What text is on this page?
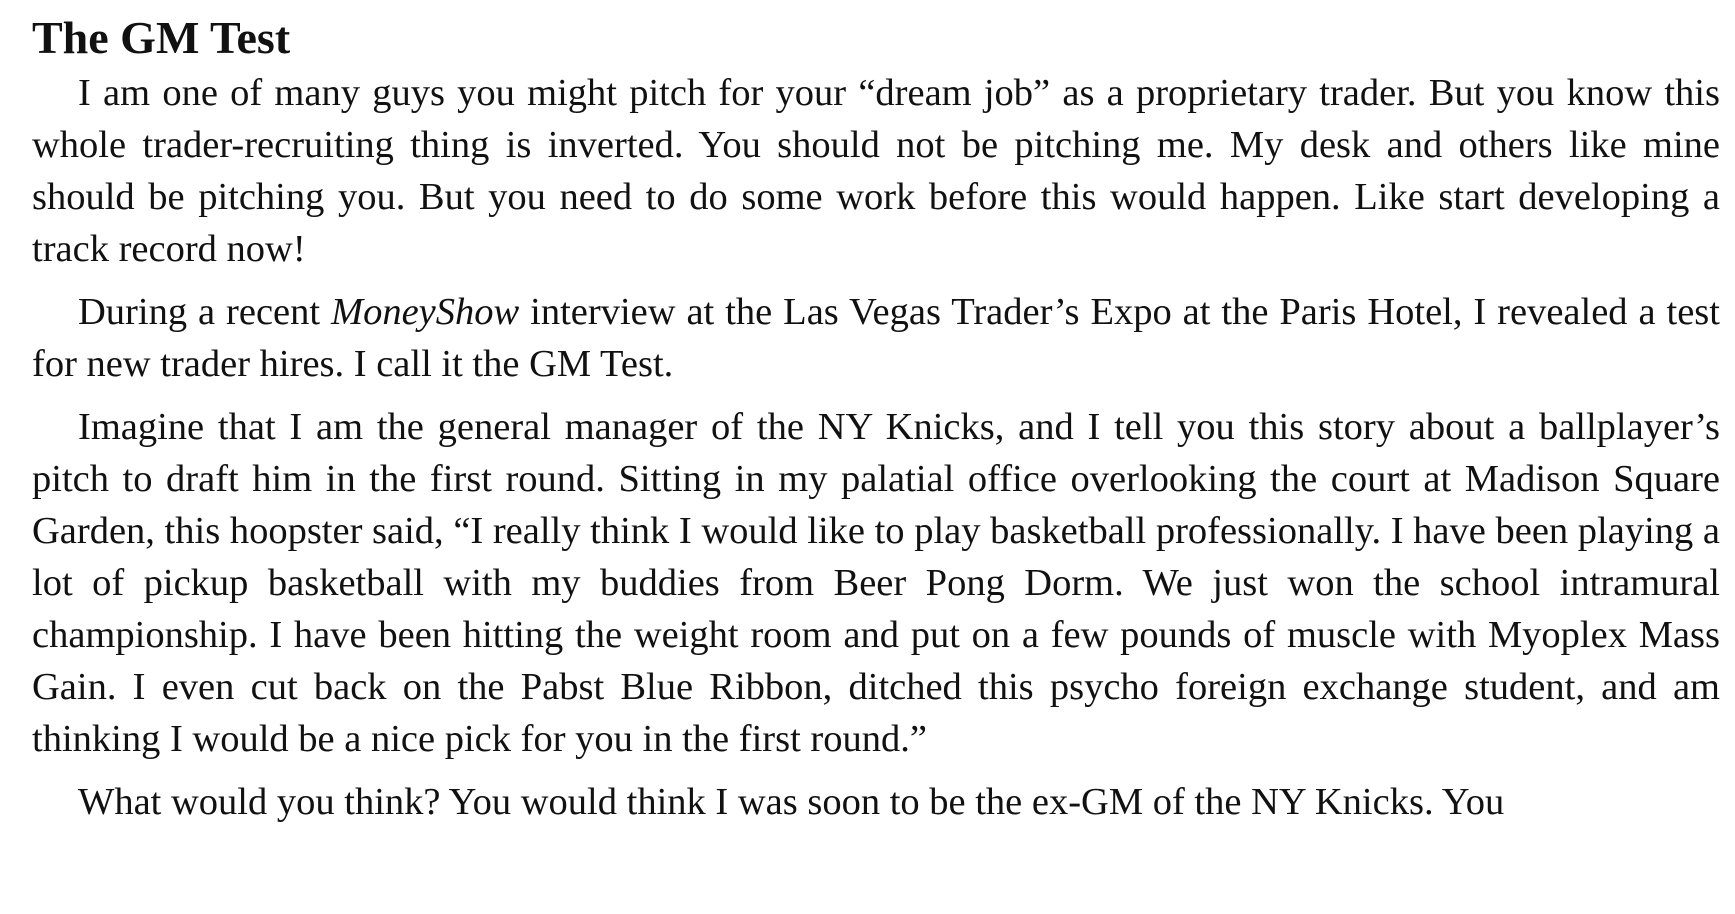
The GM Test

I am one of many guys you might pitch for your “dream job” as a proprietary trader. But you know this whole trader-recruiting thing is inverted. You should not be pitching me. My desk and others like mine should be pitching you. But you need to do some work before this would happen. Like start developing a track record now!

During a recent MoneyShow interview at the Las Vegas Trader’s Expo at the Paris Hotel, I revealed a test for new trader hires. I call it the GM Test.

Imagine that I am the general manager of the NY Knicks, and I tell you this story about a ballplayer’s pitch to draft him in the first round. Sitting in my palatial office overlooking the court at Madison Square Garden, this hoopster said, “I really think I would like to play basketball professionally. I have been playing a lot of pickup basketball with my buddies from Beer Pong Dorm. We just won the school intramural championship. I have been hitting the weight room and put on a few pounds of muscle with Myoplex Mass Gain. I even cut back on the Pabst Blue Ribbon, ditched this psycho foreign exchange student, and am thinking I would be a nice pick for you in the first round.”

What would you think? You would think I was soon to be the ex-GM of the NY Knicks. You
